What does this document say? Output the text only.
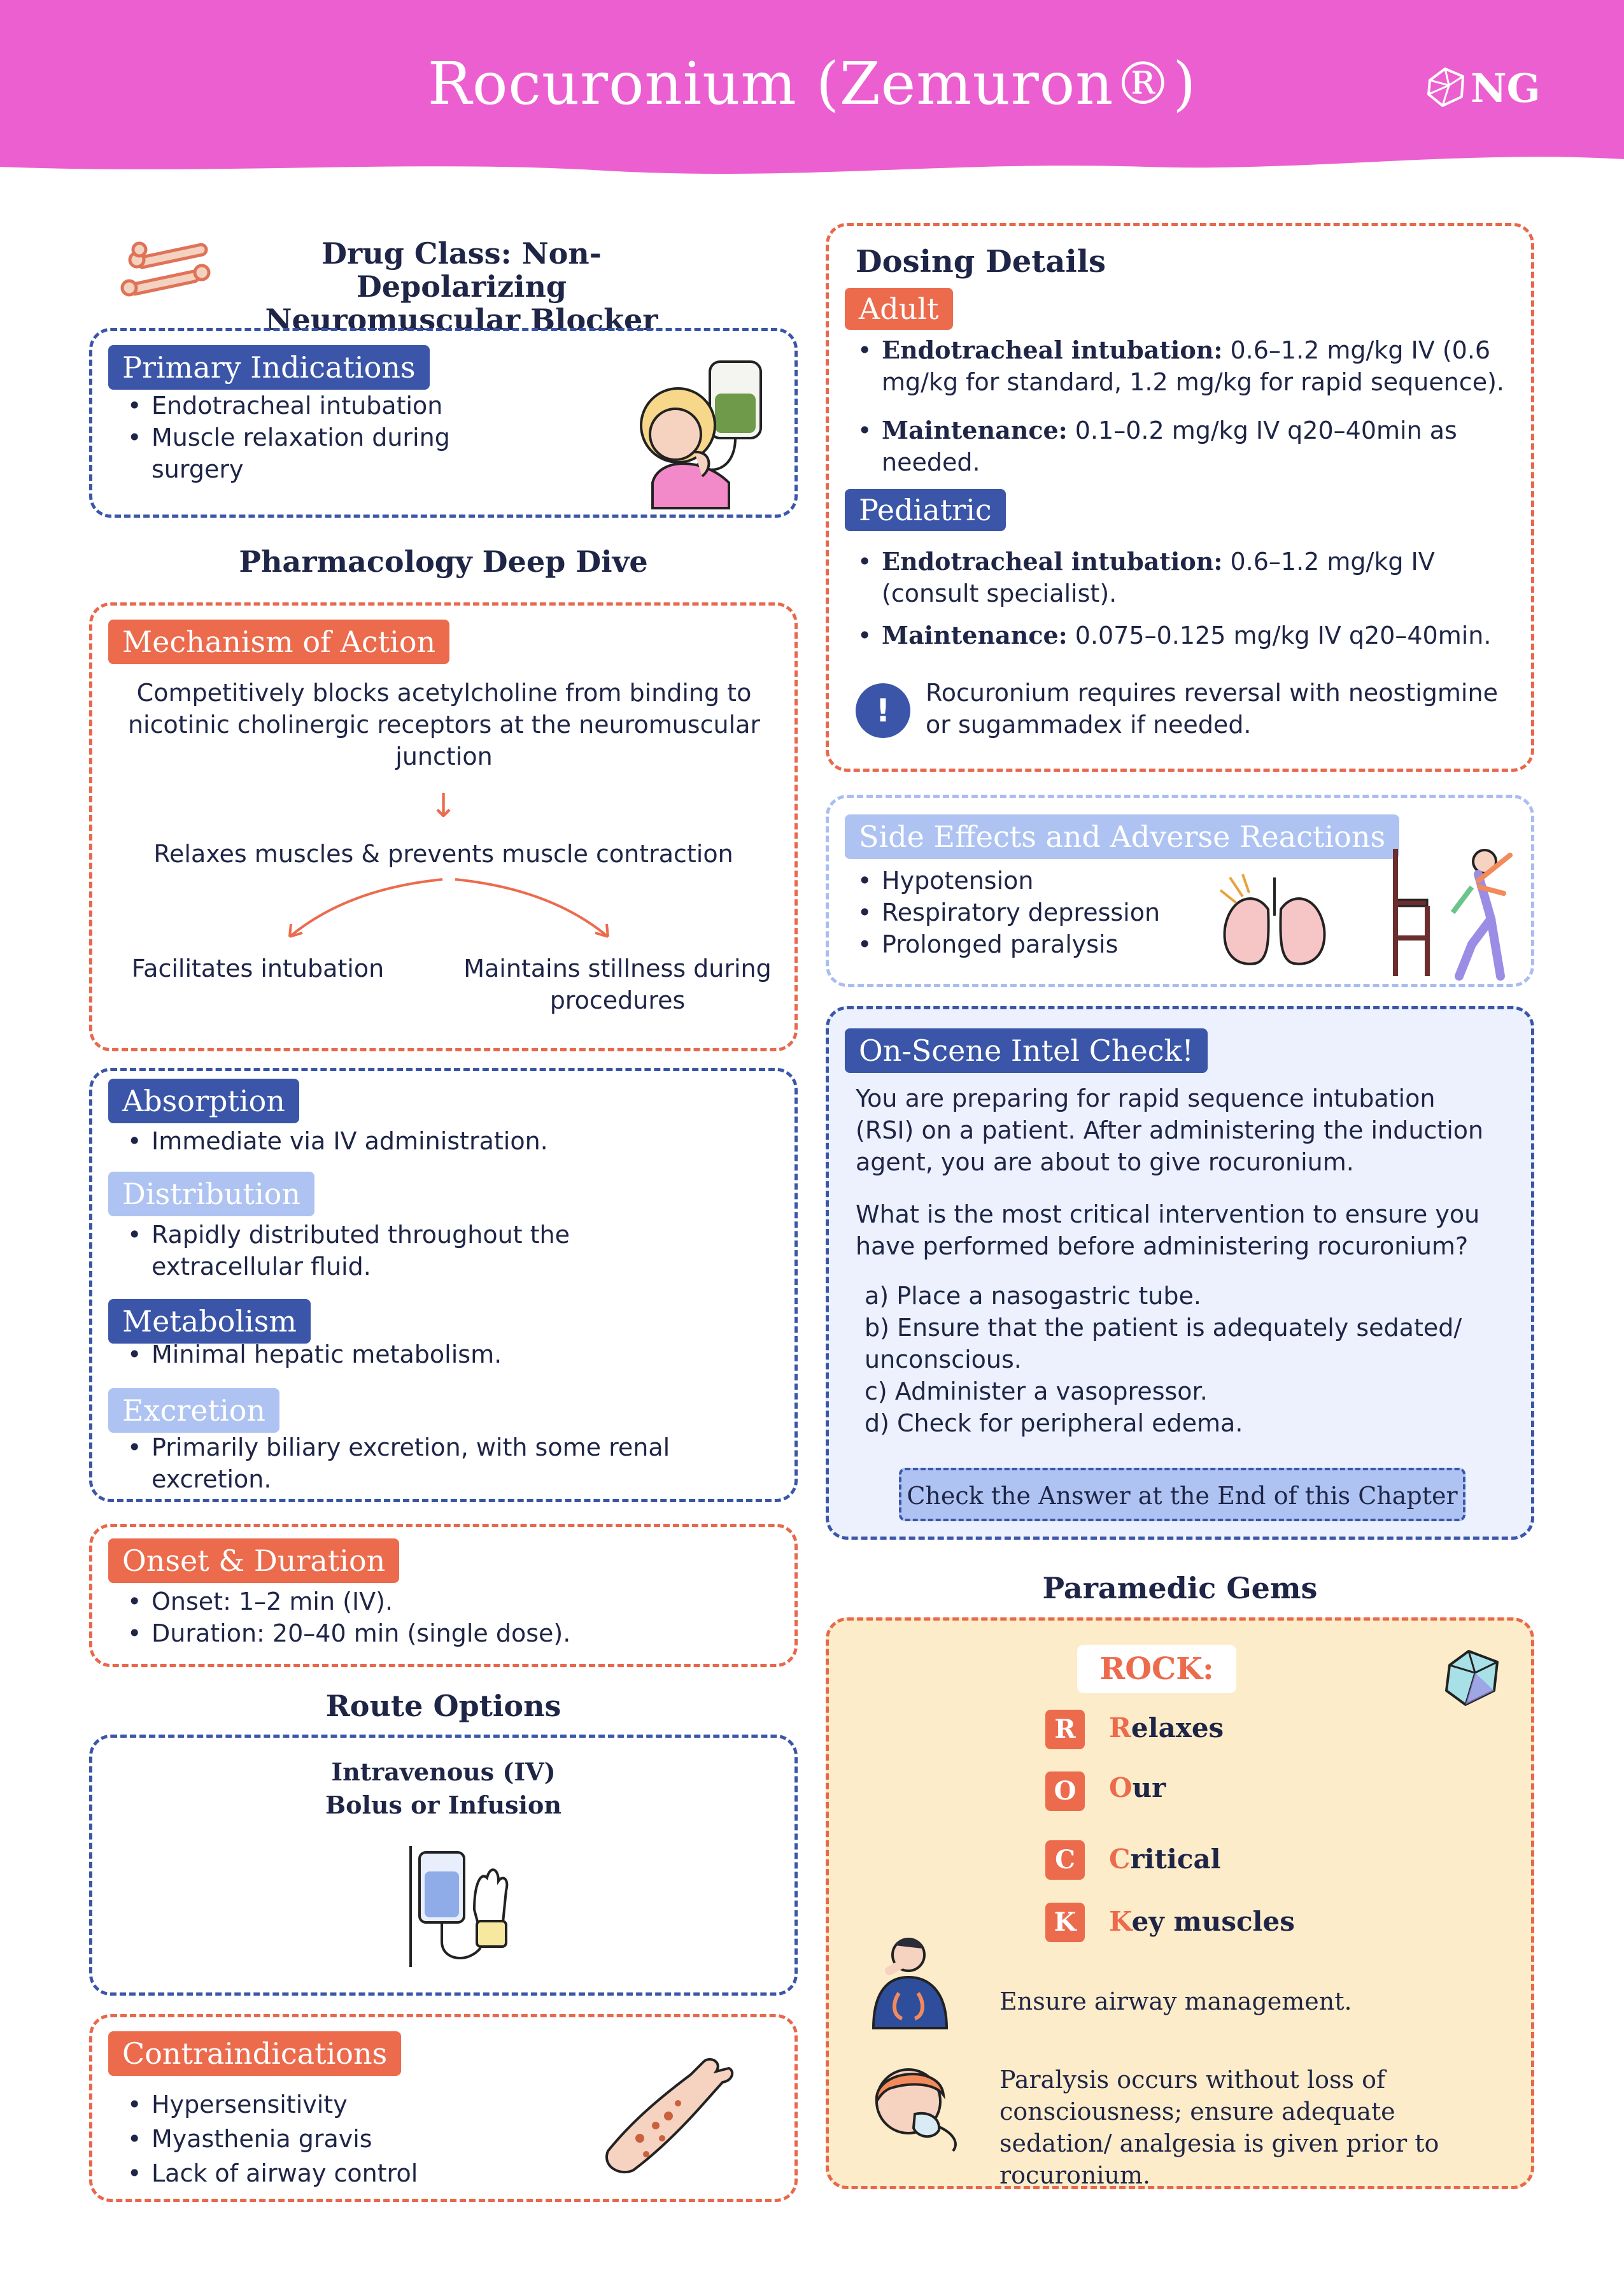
Rocuronium (Zemuron®)	NG
Drug Class: Non-Depolarizing
Neuromuscular Blocker
Primary Indications
• Endotracheal intubation
• Muscle relaxation during surgery
Pharmacology Deep Dive
Mechanism of Action
Competitively blocks acetylcholine from binding to nicotinic cholinergic receptors at the neuromuscular junction
↓
Relaxes muscles & prevents muscle contraction
Facilitates intubation	Maintains stillness during procedures
Absorption
• Immediate via IV administration.
Distribution
• Rapidly distributed throughout the extracellular fluid.
Metabolism
• Minimal hepatic metabolism.
Excretion
• Primarily biliary excretion, with some renal excretion.
Onset & Duration
• Onset: 1–2 min (IV).
• Duration: 20–40 min (single dose).
Route Options
Intravenous (IV)
Bolus or Infusion
Contraindications
• Hypersensitivity
• Myasthenia gravis
• Lack of airway control
Dosing Details
Adult
• Endotracheal intubation: 0.6–1.2 mg/kg IV (0.6 mg/kg for standard, 1.2 mg/kg for rapid sequence).
• Maintenance: 0.1–0.2 mg/kg IV q20–40min as needed.
Pediatric
• Endotracheal intubation: 0.6–1.2 mg/kg IV (consult specialist).
• Maintenance: 0.075–0.125 mg/kg IV q20–40min.
!	Rocuronium requires reversal with neostigmine or sugammadex if needed.
Side Effects and Adverse Reactions
• Hypotension
• Respiratory depression
• Prolonged paralysis
On-Scene Intel Check!
You are preparing for rapid sequence intubation (RSI) on a patient. After administering the induction agent, you are about to give rocuronium.
What is the most critical intervention to ensure you have performed before administering rocuronium?
a) Place a nasogastric tube.
b) Ensure that the patient is adequately sedated/ unconscious.
c) Administer a vasopressor.
d) Check for peripheral edema.
Check the Answer at the End of this Chapter
Paramedic Gems
ROCK:
R	Relaxes
O	Our
C	Critical
K	Key muscles
Ensure airway management.
Paralysis occurs without loss of consciousness; ensure adequate sedation/ analgesia is given prior to rocuronium.
